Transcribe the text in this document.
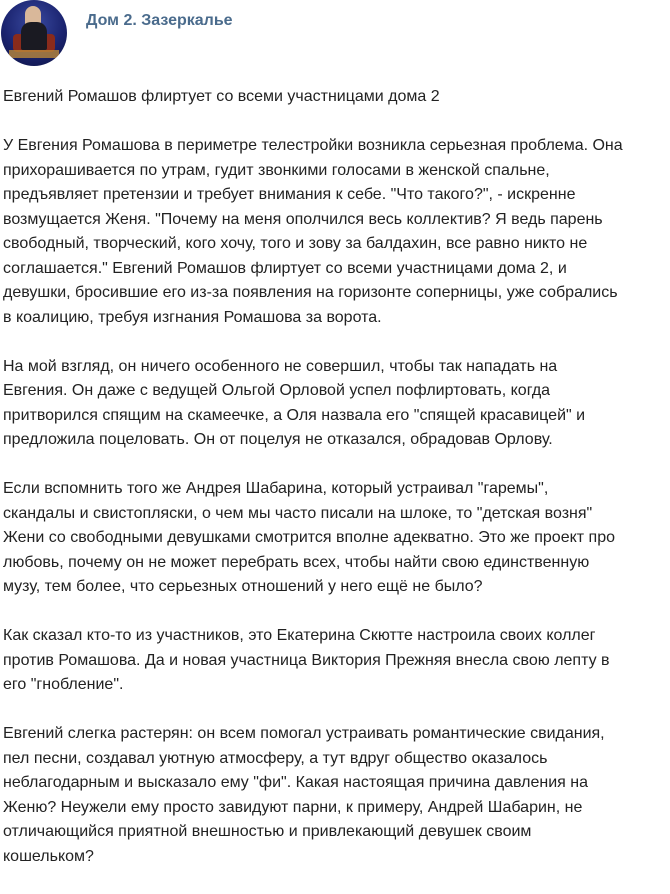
Дом 2. Зазеркалье
Евгений Ромашов флиртует со всеми участницами дома 2

У Евгения Ромашова в периметре телестройки возникла серьезная проблема. Она
прихорашивается по утрам, гудит звонкими голосами в женской спальне,
предъявляет претензии и требует внимания к себе. "Что такого?", - искренне
возмущается Женя. "Почему на меня ополчился весь коллектив? Я ведь парень
свободный, творческий, кого хочу, того и зову за балдахин, все равно никто не
соглашается." Евгений Ромашов флиртует со всеми участницами дома 2, и
девушки, бросившие его из-за появления на горизонте соперницы, уже собрались
в коалицию, требуя изгнания Ромашова за ворота.

На мой взгляд, он ничего особенного не совершил, чтобы так нападать на
Евгения. Он даже с ведущей Ольгой Орловой успел пофлиртовать, когда
притворился спящим на скамеечке, а Оля назвала его "спящей красавицей" и
предложила поцеловать. Он от поцелуя не отказался, обрадовав Орлову.

Если вспомнить того же Андрея Шабарина, который устраивал "гаремы",
скандалы и свистопляски, о чем мы часто писали на шлоке, то "детская возня"
Жени со свободными девушками смотрится вполне адекватно. Это же проект про
любовь, почему он не может перебрать всех, чтобы найти свою единственную
музу, тем более, что серьезных отношений у него ещё не было?

Как сказал кто-то из участников, это Екатерина Скютте настроила своих коллег
против Ромашова. Да и новая участница Виктория Прежняя внесла свою лепту в
его "гнобление".

Евгений слегка растерян: он всем помогал устраивать романтические свидания,
пел песни, создавал уютную атмосферу, а тут вдруг общество оказалось
неблагодарным и высказало ему "фи". Какая настоящая причина давления на
Женю? Неужели ему просто завидуют парни, к примеру, Андрей Шабарин, не
отличающийся приятной внешностью и привлекающий девушек своим
кошельком?
